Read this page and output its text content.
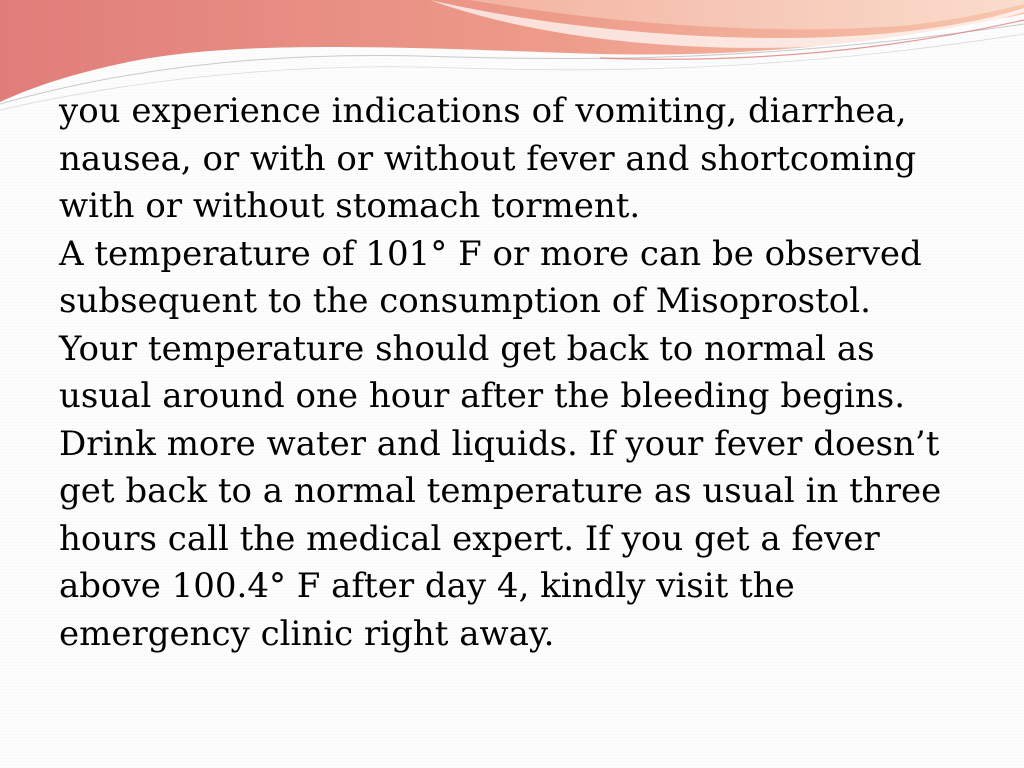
you experience indications of vomiting, diarrhea,

nausea, or with or without fever and shortcoming

with or without stomach torment.

A temperature of 101° F or more can be observed

subsequent to the consumption of Misoprostol.

Your temperature should get back to normal as

usual around one hour after the bleeding begins.

Drink more water and liquids. If your fever doesn’t

get back to a normal temperature as usual in three

hours call the medical expert. If you get a fever

above 100.4° F after day 4, kindly visit the

emergency clinic right away.
